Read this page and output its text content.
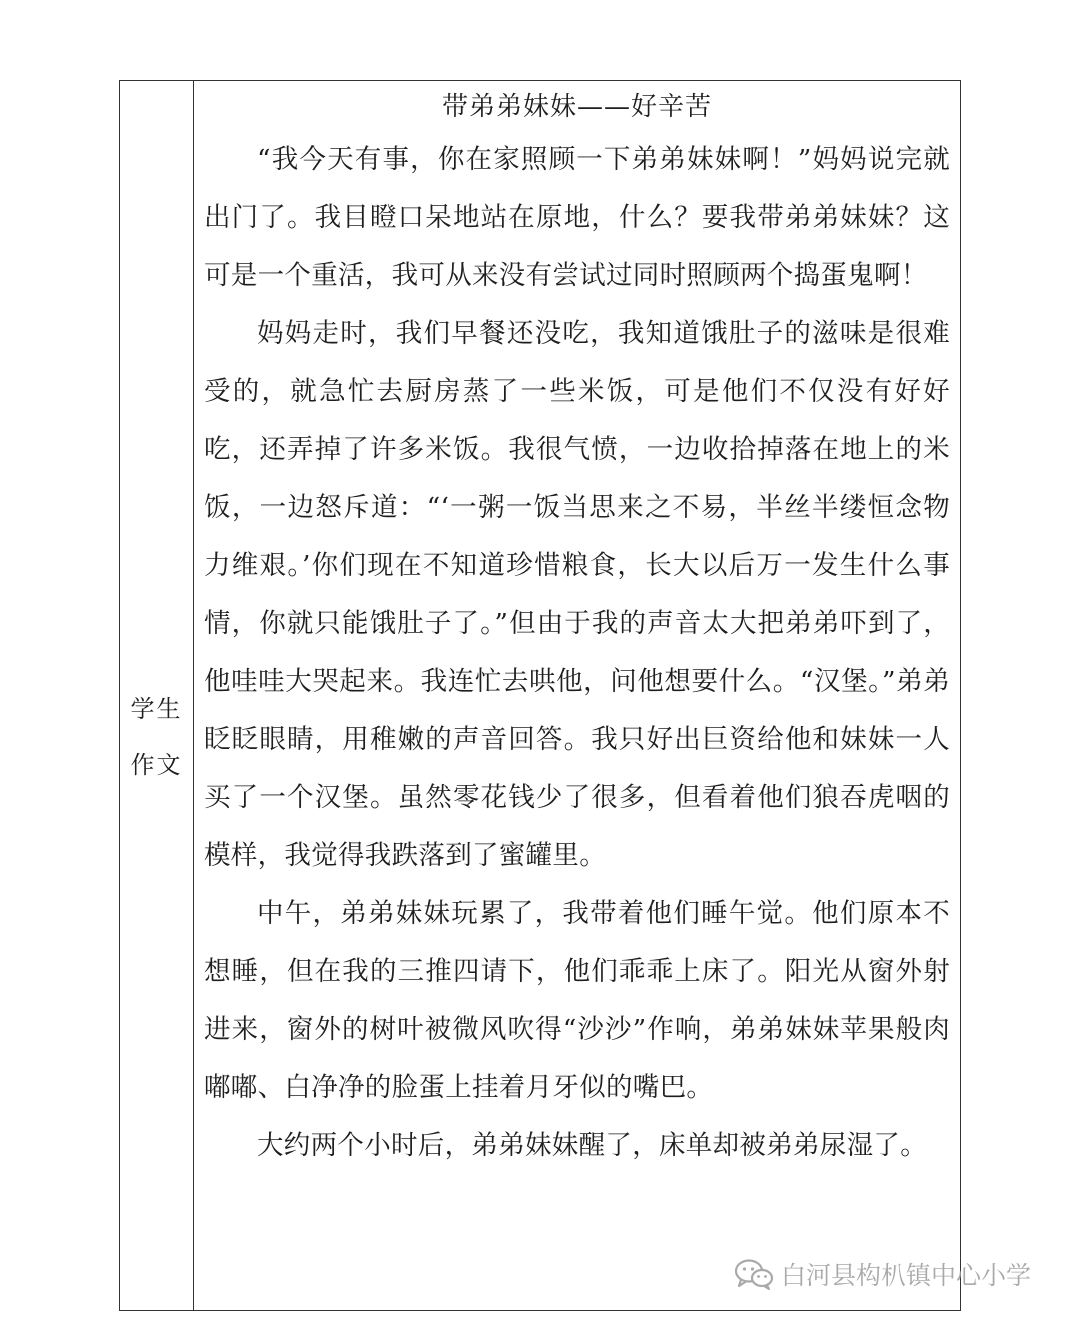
学生
作文
带弟弟妹妹——好辛苦

“我今天有事，你在家照顾一下弟弟妹妹啊！”妈妈说完就出门了。我目瞪口呆地站在原地，什么？要我带弟弟妹妹？这可是一个重活，我可从来没有尝试过同时照顾两个捣蛋鬼啊！

妈妈走时，我们早餐还没吃，我知道饿肚子的滋味是很难受的，就急忙去厨房蒸了一些米饭，可是他们不仅没有好好吃，还弄掉了许多米饭。我很气愤，一边收拾掉落在地上的米饭，一边怒斥道：“‘一粥一饭当思来之不易，半丝半缕恒念物力维艰。’你们现在不知道珍惜粮食，长大以后万一发生什么事情，你就只能饿肚子了。”但由于我的声音太大把弟弟吓到了，他哇哇大哭起来。我连忙去哄他，问他想要什么。“汉堡。”弟弟眨眨眼睛，用稚嫩的声音回答。我只好出巨资给他和妹妹一人买了一个汉堡。虽然零花钱少了很多，但看着他们狼吞虎咽的模样，我觉得我跌落到了蜜罐里。

中午，弟弟妹妹玩累了，我带着他们睡午觉。他们原本不想睡，但在我的三推四请下，他们乖乖上床了。阳光从窗外射进来，窗外的树叶被微风吹得“沙沙”作响，弟弟妹妹苹果般肉嘟嘟、白净净的脸蛋上挂着月牙似的嘴巴。

大约两个小时后，弟弟妹妹醒了，床单却被弟弟尿湿了。

白河县构朳镇中心小学
